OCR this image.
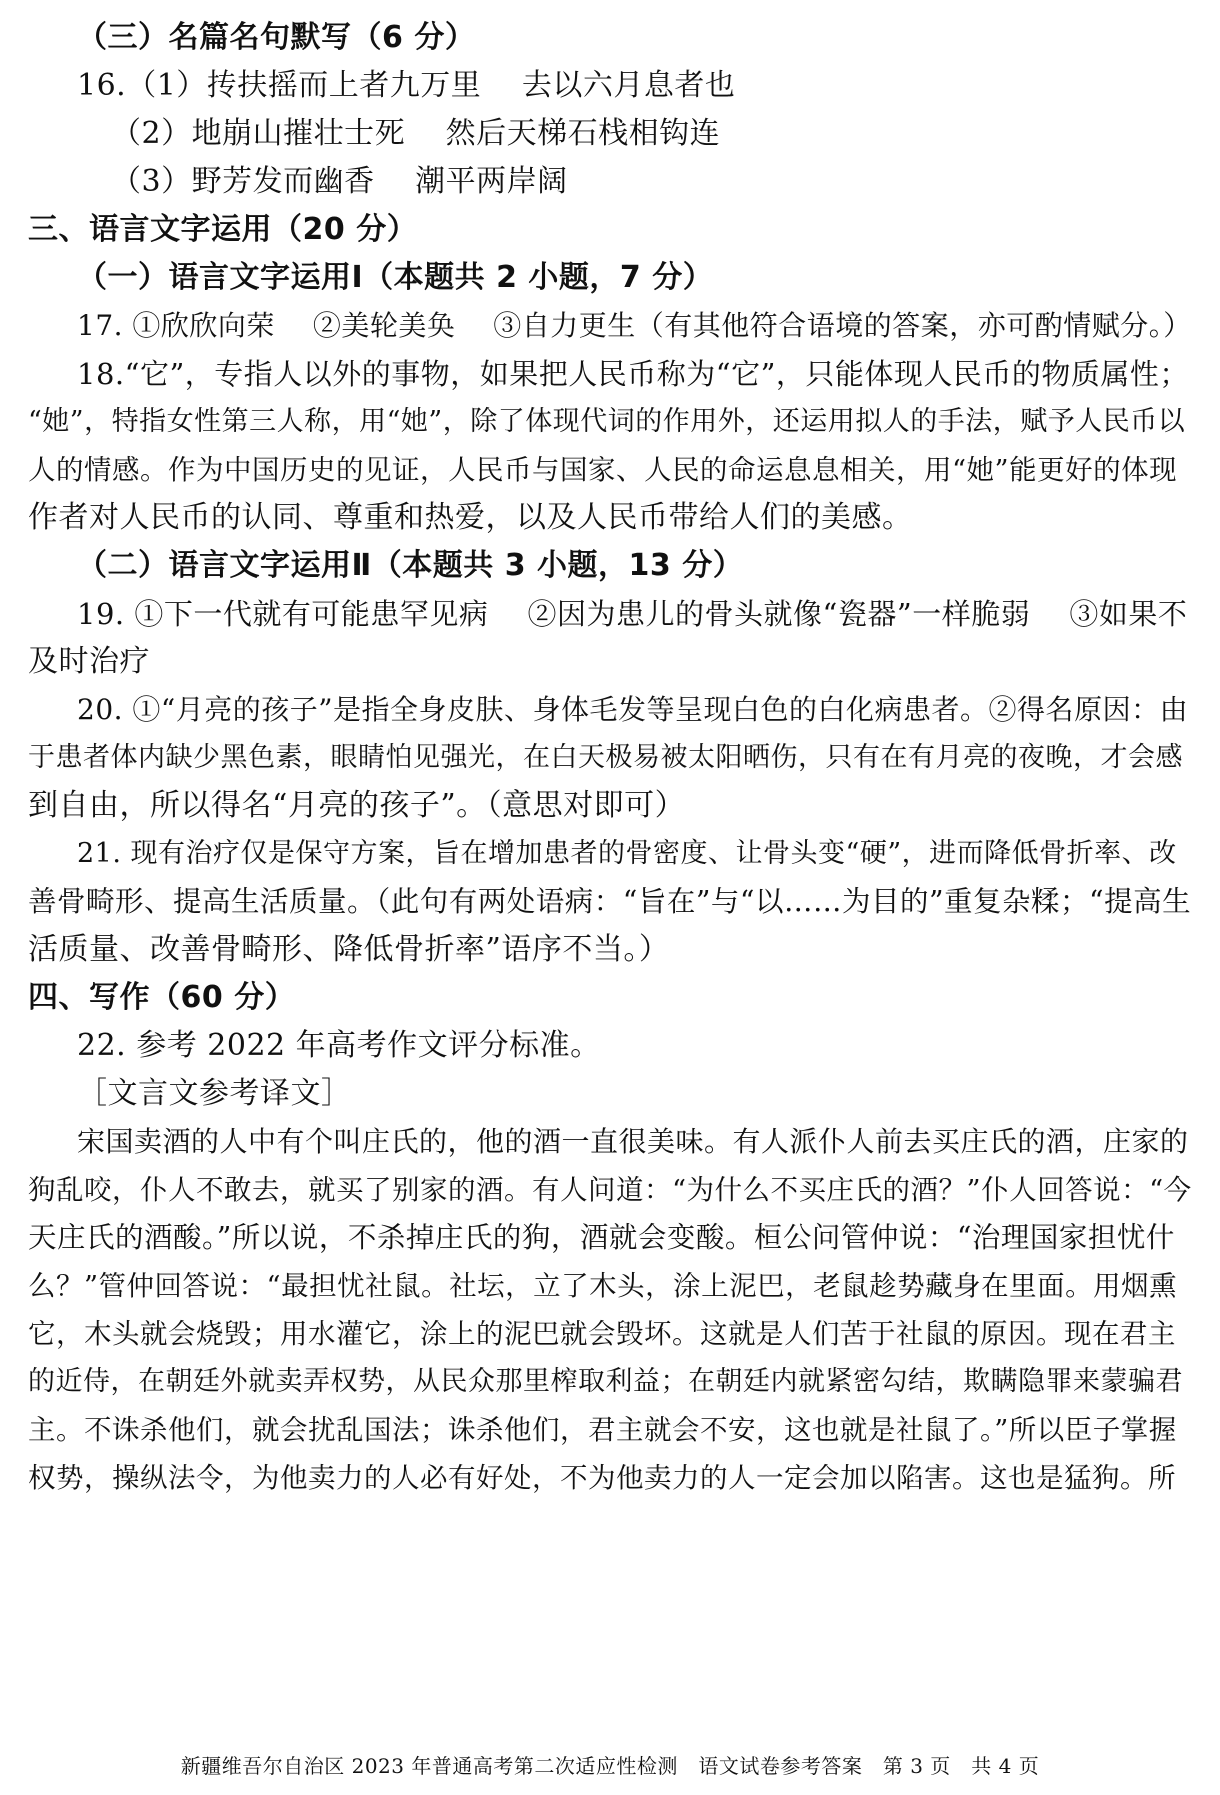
（三）名篇名句默写（6 分）
16.（1）抟扶摇而上者九万里　 去以六月息者也
（2）地崩山摧壮士死　 然后天梯石栈相钩连
（3）野芳发而幽香　 潮平两岸阔
三、语言文字运用（20 分）
（一）语言文字运用Ⅰ（本题共 2 小题，7 分）
17. ①欣欣向荣　 ②美轮美奂　 ③自力更生（有其他符合语境的答案，亦可酌情赋分。）
18.“它”，专指人以外的事物，如果把人民币称为“它”，只能体现人民币的物质属性；
“她”，特指女性第三人称，用“她”，除了体现代词的作用外，还运用拟人的手法，赋予人民币以
人的情感。作为中国历史的见证，人民币与国家、人民的命运息息相关，用“她”能更好的体现
作者对人民币的认同、尊重和热爱，以及人民币带给人们的美感。
（二）语言文字运用Ⅱ（本题共 3 小题，13 分）
19. ①下一代就有可能患罕见病　 ②因为患儿的骨头就像“瓷器”一样脆弱　 ③如果不
及时治疗
20. ①“月亮的孩子”是指全身皮肤、身体毛发等呈现白色的白化病患者。②得名原因：由
于患者体内缺少黑色素，眼睛怕见强光，在白天极易被太阳晒伤，只有在有月亮的夜晚，才会感
到自由，所以得名“月亮的孩子”。（意思对即可）
21. 现有治疗仅是保守方案，旨在增加患者的骨密度、让骨头变“硬”，进而降低骨折率、改
善骨畸形、提高生活质量。（此句有两处语病：“旨在”与“以……为目的”重复杂糅；“提高生
活质量、改善骨畸形、降低骨折率”语序不当。）
四、写作（60 分）
22. 参考 2022 年高考作文评分标准。
［文言文参考译文］
宋国卖酒的人中有个叫庄氏的，他的酒一直很美味。有人派仆人前去买庄氏的酒，庄家的
狗乱咬，仆人不敢去，就买了别家的酒。有人问道：“为什么不买庄氏的酒？”仆人回答说：“今
天庄氏的酒酸。”所以说，不杀掉庄氏的狗，酒就会变酸。桓公问管仲说：“治理国家担忧什
么？”管仲回答说：“最担忧社鼠。社坛，立了木头，涂上泥巴，老鼠趁势藏身在里面。用烟熏
它，木头就会烧毁；用水灌它，涂上的泥巴就会毁坏。这就是人们苦于社鼠的原因。现在君主
的近侍，在朝廷外就卖弄权势，从民众那里榨取利益；在朝廷内就紧密勾结，欺瞒隐罪来蒙骗君
主。不诛杀他们，就会扰乱国法；诛杀他们，君主就会不安，这也就是社鼠了。”所以臣子掌握
权势，操纵法令，为他卖力的人必有好处，不为他卖力的人一定会加以陷害。这也是猛狗。所
新疆维吾尔自治区 2023 年普通高考第二次适应性检测　语文试卷参考答案　第 3 页　共 4 页
